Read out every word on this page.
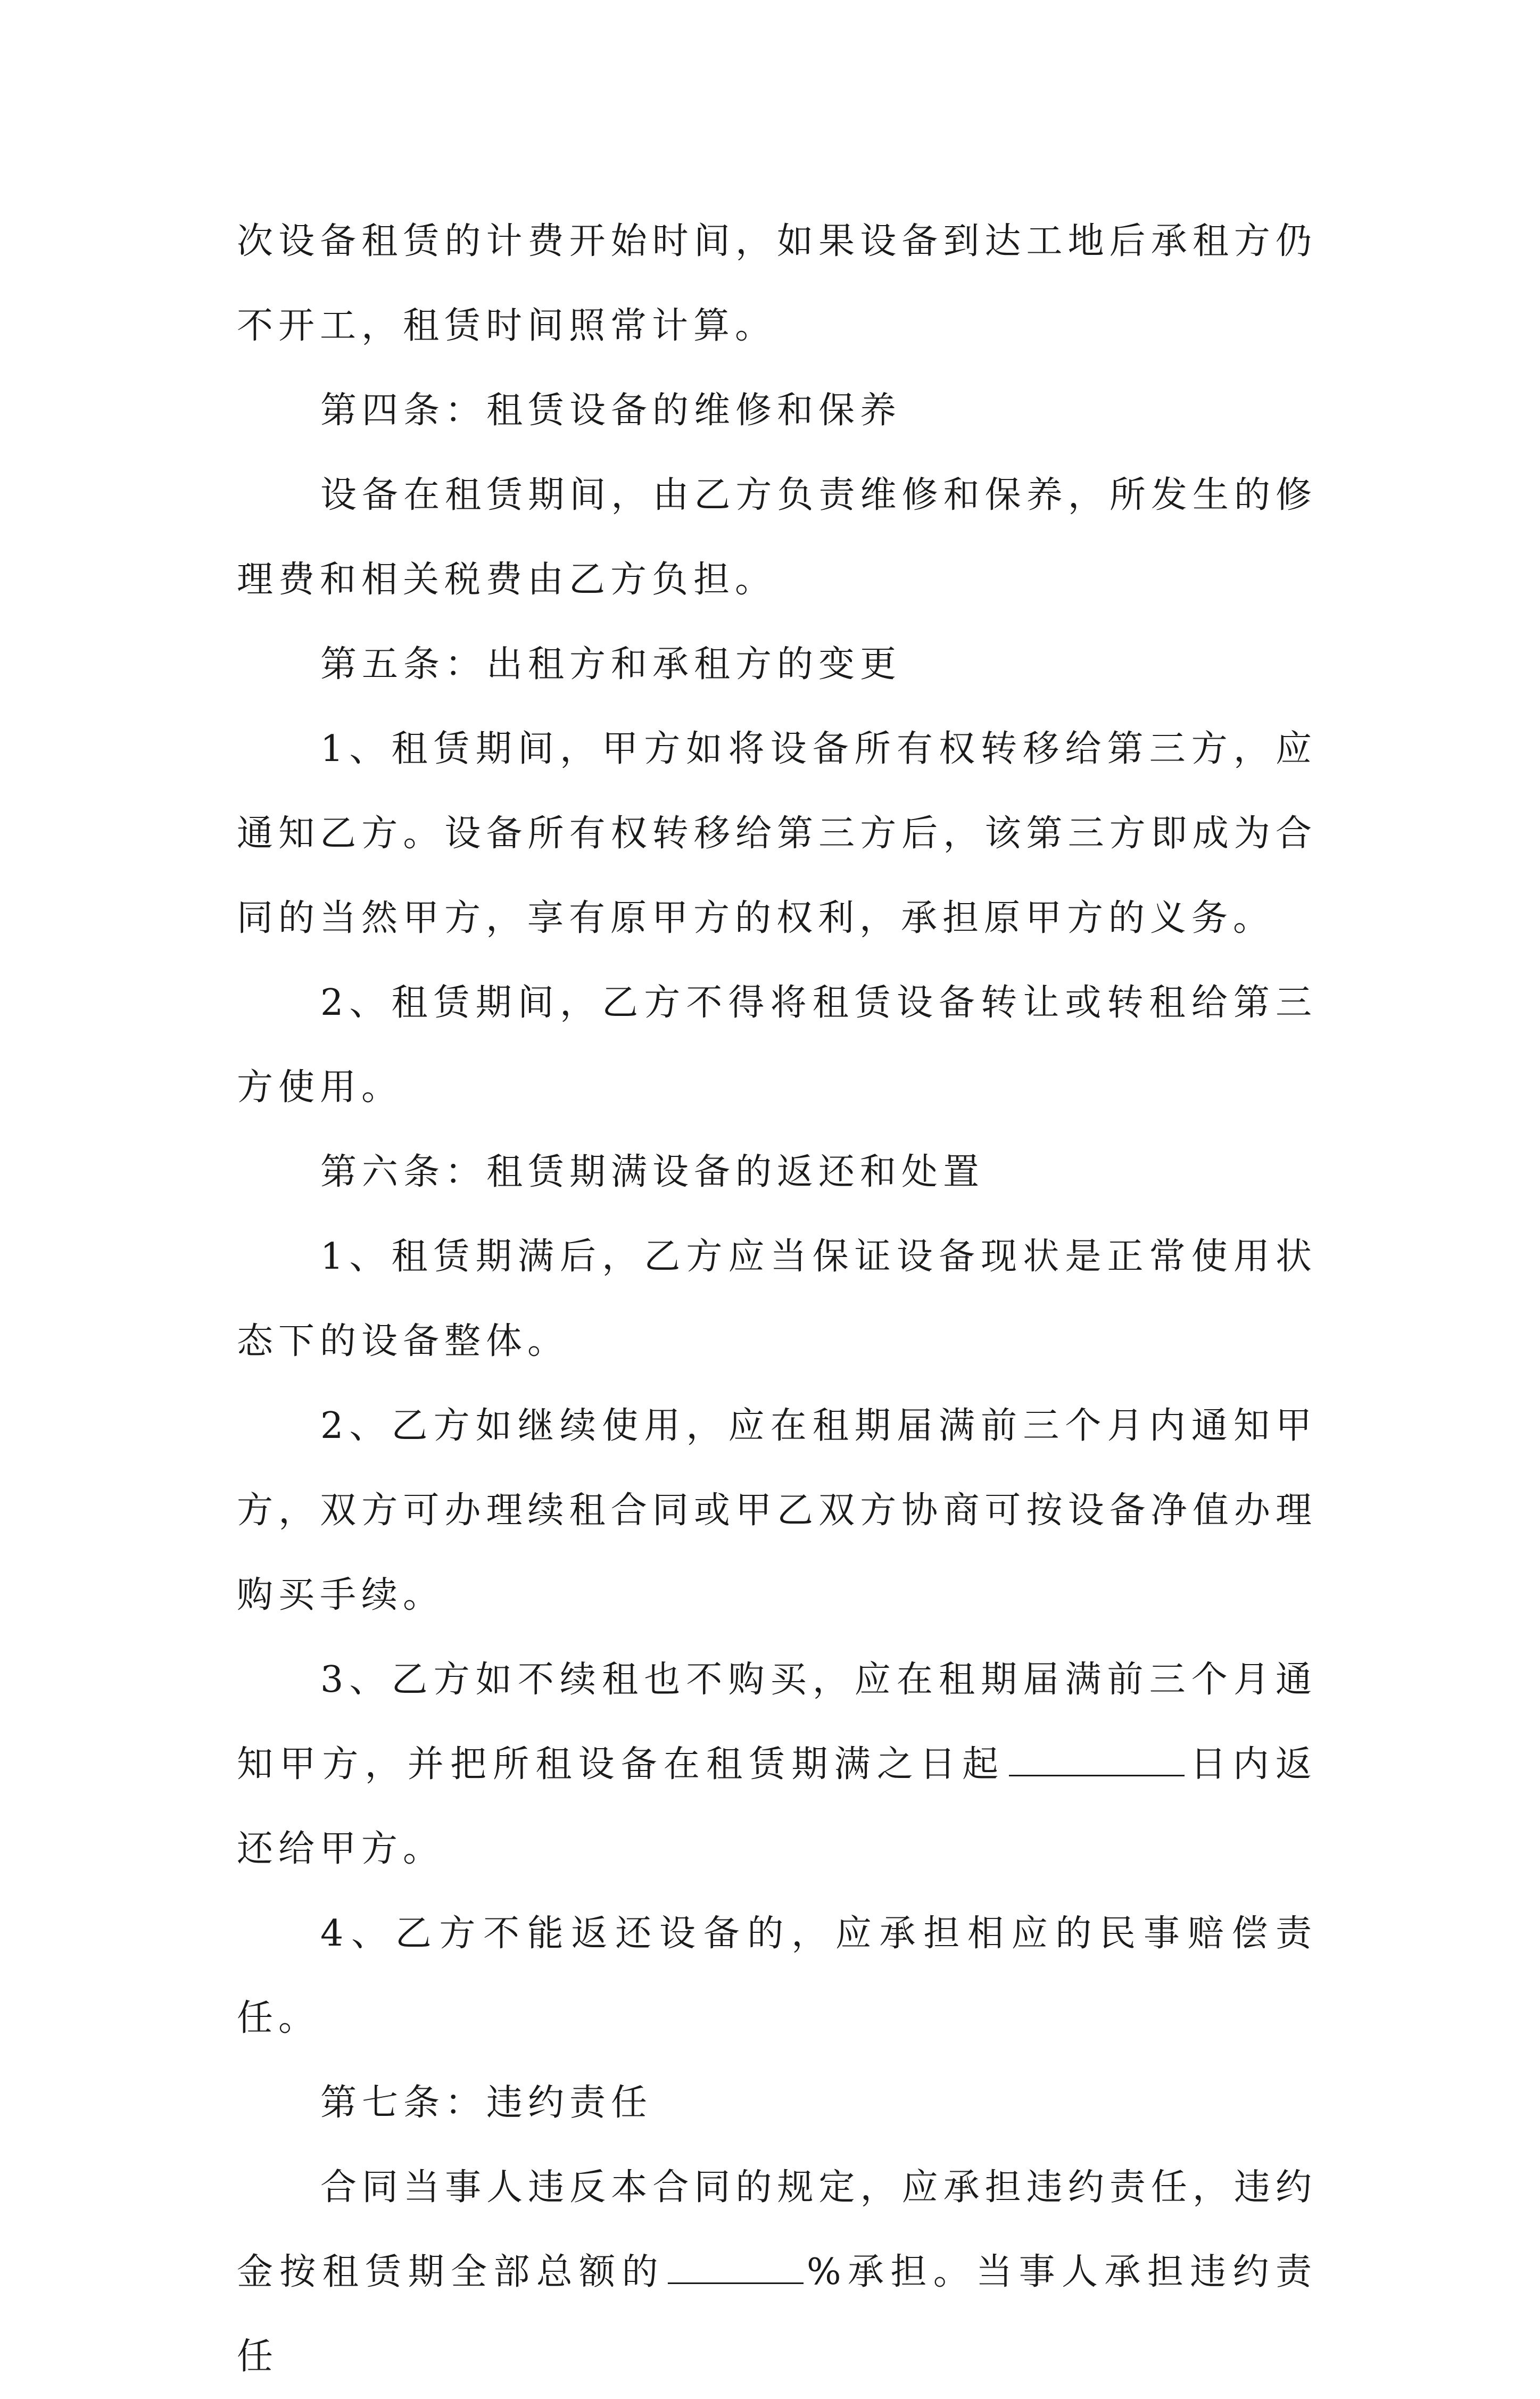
次设备租赁的计费开始时间，如果设备到达工地后承租方仍不开工，租赁时间照常计算。

第四条：租赁设备的维修和保养

设备在租赁期间，由乙方负责维修和保养，所发生的修理费和相关税费由乙方负担。

第五条：出租方和承租方的变更

1、租赁期间，甲方如将设备所有权转移给第三方，应通知乙方。设备所有权转移给第三方后，该第三方即成为合同的当然甲方，享有原甲方的权利，承担原甲方的义务。

2、租赁期间，乙方不得将租赁设备转让或转租给第三方使用。

第六条：租赁期满设备的返还和处置

1、租赁期满后，乙方应当保证设备现状是正常使用状态下的设备整体。

2、乙方如继续使用，应在租期届满前三个月内通知甲方，双方可办理续租合同或甲乙双方协商可按设备净值办理购买手续。

3、乙方如不续租也不购买，应在租期届满前三个月通知甲方，并把所租设备在租赁期满之日起	日内返还给甲方。

4、乙方不能返还设备的，应承担相应的民事赔偿责任。

第七条：违约责任

合同当事人违反本合同的规定，应承担违约责任，违约金按租赁期全部总额的	%承担。当事人承担违约责任
